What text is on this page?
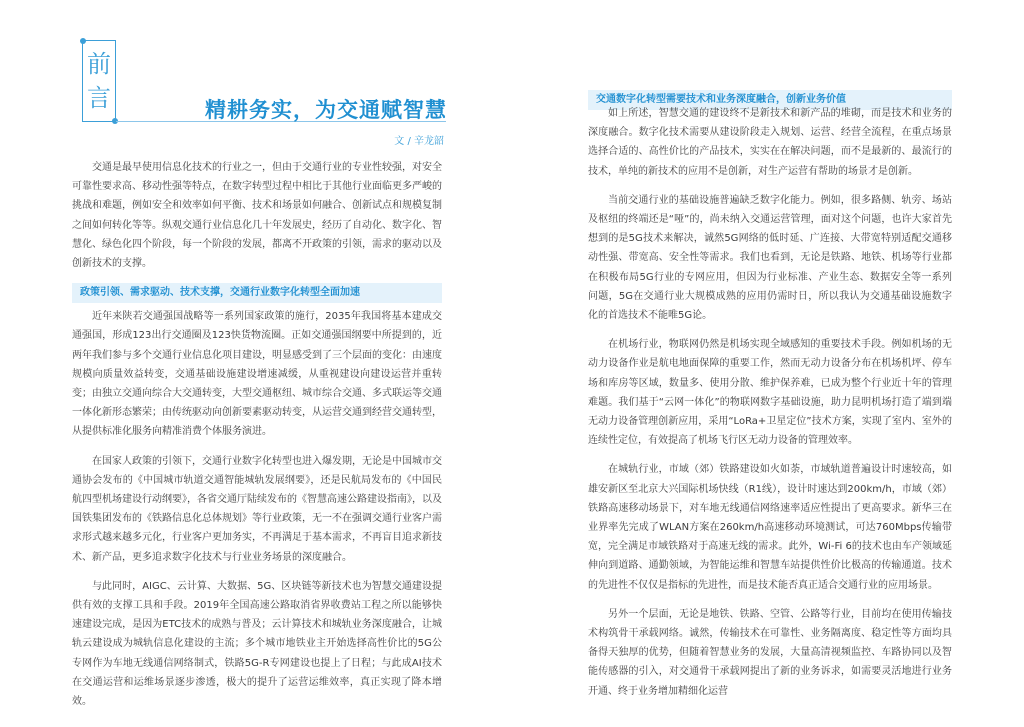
前
言	精耕务实，为交通赋智慧
文 / 辛龙韶

交通是最早使用信息化技术的行业之一，但由于交通行业的专业性较强，对安全可靠性要求高、移动性强等特点，在数字转型过程中相比于其他行业面临更多严峻的挑战和难题，例如安全和效率如何平衡、技术和场景如何融合、创新试点和规模复制之间如何转化等等。纵观交通行业信息化几十年发展史，经历了自动化、数字化、智慧化、绿色化四个阶段，每一个阶段的发展，都离不开政策的引领，需求的驱动以及创新技术的支撑。

政策引领、需求驱动、技术支撑，交通行业数字化转型全面加速

近年来陕若交通强国战略等一系列国家政策的施行，2035年我国将基本建成交通强国，形成123出行交通圈及123快货物流圈。正如交通强国纲要中所提到的，近两年我们参与多个交通行业信息化项目建设，明显感受到了三个层面的变化：由速度规模向质量效益转变，交通基础设施建设增速减缓，从重视建设向建设运营并重转变；由独立交通向综合大交通转变，大型交通枢纽、城市综合交通、多式联运等交通一体化新形态繁荣；由传统驱动向创新要素驱动转变，从运营交通到经营交通转型，从提供标准化服务向精准消费个体服务演进。

在国家人政策的引领下，交通行业数字化转型也进入爆发期，无论是中国城市交通协会发布的《中国城市轨道交通智能城轨发展纲要》，还是民航局发布的《中国民航四型机场建设行动纲要》，各省交通厅陆续发布的《智慧高速公路建设指南》，以及国铁集团发布的《铁路信息化总体规划》等行业政策，无一不在强调交通行业客户需求形式越来越多元化，行业客户更加务实，不再满足于基本需求，不再盲目追求新技术、新产品，更多追求数字化技术与行业业务场景的深度融合。

与此同时，AIGC、云计算、大数据、5G、区块链等新技术也为智慧交通建设提供有效的支撑工具和手段。2019年全国高速公路取消省界收费站工程之所以能够快速建设完成，是因为ETC技术的成熟与普及；云计算技术和城轨业务深度融合，让城轨云建设成为城轨信息化建设的主流；多个城市地铁业主开始选择高性价比的5G公专网作为车地无线通信网络制式，铁路5G-R专网建设也提上了日程；与此成AI技术在交通运营和运维场景逐步渗透，极大的提升了运营运维效率，真正实现了降本增效。

交通数字化转型需要技术和业务深度融合，创新业务价值

如上所述，智慧交通的建设终不是新技术和新产品的堆砌，而是技术和业务的深度融合。数字化技术需要从建设阶段走入规划、运营、经营全流程，在重点场景选择合适的、高性价比的产品技术，实实在在解决问题，而不是最新的、最流行的技术，单纯的新技术的应用不是创新，对生产运营有帮助的场景才是创新。

当前交通行业的基础设施普遍缺乏数字化能力。例如，很多路侧、轨旁、场站及枢纽的终端还是“哑”的，尚未纳入交通运营管理，面对这个问题，也许大家首先想到的是5G技术来解决，诚然5G网络的低时延、广连接、大带宽特别适配交通移动性强、带宽高、安全性等需求。我们也看到，无论是铁路、地铁、机场等行业都在积极布局5G行业的专网应用，但因为行业标准、产业生态、数据安全等一系列问题，5G在交通行业大规模成熟的应用仍需时日，所以我认为交通基础设施数字化的首选技术不能唯5G论。

在机场行业，物联网仍然是机场实现全域感知的重要技术手段。例如机场的无动力设备作业是航电地面保障的重要工作，然而无动力设备分布在机场机坪、停车场和库房等区域，数量多、使用分散、维护保养难，已成为整个行业近十年的管理难题。我们基于“云网一体化”的物联网数字基础设施，助力昆明机场打造了端到端无动力设备管理创新应用，采用“LoRa+卫星定位”技术方案，实现了室内、室外的连续性定位，有效提高了机场飞行区无动力设备的管理效率。

在城轨行业，市域（郊）铁路建设如火如荼，市域轨道普遍设计时速较高，如雄安新区至北京大兴国际机场快线（R1线），设计时速达到200km/h，市域（郊）铁路高速移动场景下，对车地无线通信网络速率适应性提出了更高要求。新华三在业界率先完成了WLAN方案在260km/h高速移动环境测试，可达760Mbps传输带宽，完全满足市域铁路对于高速无线的需求。此外，Wi-Fi 6的技术也由车产领域延伸向到道路、通勤领域，为智能运维和智慧车站提供性价比极高的传输通道。技术的先进性不仅仅是指标的先进性，而是技术能否真正适合交通行业的应用场景。

另外一个层面，无论是地铁、铁路、空管、公路等行业，目前均在使用传输技术构筑骨干承载网络。诚然，传输技术在可靠性、业务隔离度、稳定性等方面均具备得天独厚的优势，但随着智慧业务的发展，大量高清视频监控、车路协同以及智能传感器的引入，对交通骨干承载网提出了新的业务诉求，如需要灵活地进行业务开通、终于业务增加精细化运营
